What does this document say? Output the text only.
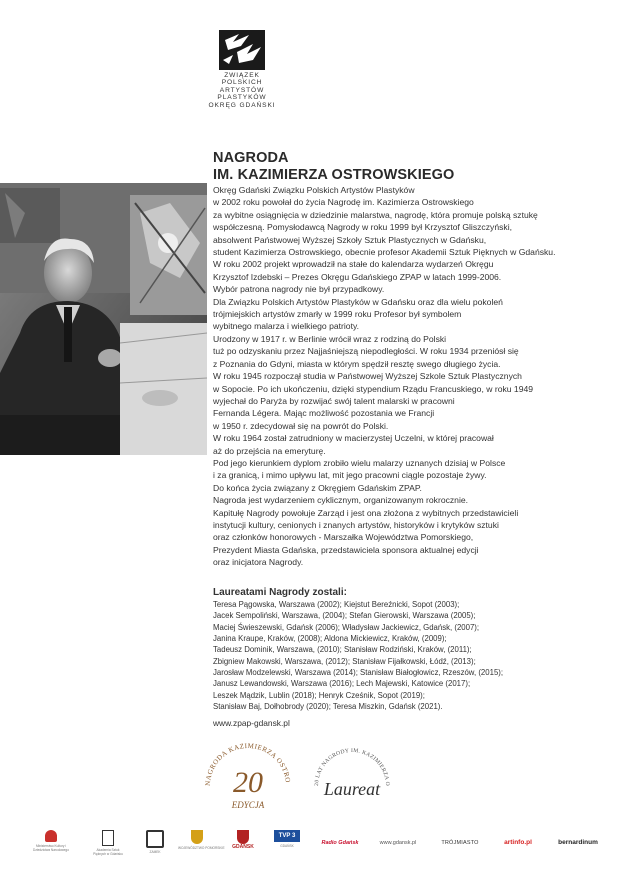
ZWIĄZEK
POLSKICH
ARTYSTÓW
PLASTYKÓW
OKRĘG GDAŃSKI
NAGRODA
IM. KAZIMIERZA OSTROWSKIEGO
Okręg Gdański Związku Polskich Artystów Plastyków
w 2002 roku powołał do życia Nagrodę im. Kazimierza Ostrowskiego
za wybitne osiągnięcia w dziedzinie malarstwa, nagrodę, która promuje polską sztukę
współczesną. Pomysłodawcą Nagrody w roku 1999 był Krzysztof Gliszczyński,
absolwent Państwowej Wyższej Szkoły Sztuk Plastycznych w Gdańsku,
student Kazimierza Ostrowskiego, obecnie profesor Akademii Sztuk Pięknych w Gdańsku.
W roku 2002 projekt wprowadził na stałe do kalendarza wydarzeń Okręgu
Krzysztof Izdebski – Prezes Okręgu Gdańskiego ZPAP w latach 1999-2006.
Wybór patrona nagrody nie był przypadkowy.
Dla Związku Polskich Artystów Plastyków w Gdańsku oraz dla wielu pokoleń
trójmiejskich artystów zmarły w 1999 roku Profesor był symbolem
wybitnego malarza i wielkiego patrioty.
Urodzony w 1917 r. w Berlinie wrócił wraz z rodziną do Polski
tuż po odzyskaniu przez Najjaśniejszą niepodległości. W roku 1934 przeniósł się
z Poznania do Gdyni, miasta w którym spędził resztę swego długiego życia.
W roku 1945 rozpoczął studia w Państwowej Wyższej Szkole Sztuk Plastycznych
w Sopocie. Po ich ukończeniu, dzięki stypendium Rządu Francuskiego, w roku 1949
wyjechał do Paryża by rozwijać swój talent malarski w pracowni
Fernanda Légera. Mając możliwość pozostania we Francji
w 1950 r. zdecydował się na powrót do Polski.
W roku 1964 został zatrudniony w macierzystej Uczelni, w której pracował
aż do przejścia na emeryturę.
Pod jego kierunkiem dyplom zrobiło wielu malarzy uznanych dzisiaj w Polsce
i za granicą, i mimo upływu lat, mit jego pracowni ciągle pozostaje żywy.
Do końca życia związany z Okręgiem Gdańskim ZPAP.
Nagroda jest wydarzeniem cyklicznym, organizowanym rokrocznie.
Kapitułę Nagrody powołuje Zarząd i jest ona złożona z wybitnych przedstawicieli
instytucji kultury, cenionych i znanych artystów, historyków i krytyków sztuki
oraz członków honorowych - Marszałka Województwa Pomorskiego,
Prezydent Miasta Gdańska, przedstawiciela sponsora aktualnej edycji
oraz inicjatora Nagrody.
Laureatami Nagrody zostali:
Teresa Pągowska, Warszawa (2002); Kiejstut Bereźnicki, Sopot (2003);
Jacek Sempoliński, Warszawa, (2004); Stefan Gierowski, Warszawa (2005);
Maciej Świeszewski, Gdańsk (2006); Władysław Jackiewicz, Gdańsk, (2007);
Janina Kraupe, Kraków, (2008); Aldona Mickiewicz, Kraków, (2009);
Tadeusz Dominik, Warszawa, (2010); Stanisław Rodziński, Kraków, (2011);
Zbigniew Makowski, Warszawa, (2012); Stanisław Fijałkowski, Łódź, (2013);
Jarosław Modzelewski, Warszawa (2014); Stanisław Białogłowicz, Rzeszów, (2015);
Janusz Lewandowski, Warszawa (2016); Lech Majewski, Katowice (2017);
Leszek Mądzik, Lublin (2018); Henryk Cześnik, Sopot (2019);
Stanisław Baj, Dołhobrody (2020); Teresa Miszkin, Gdańsk (2021).
www.zpap-gdansk.pl
NAGRODA KAZIMIERZA OSTRO
20
EDYCJA
20 LAT NAGRODY IM. KAZIMIERZA O
Laureat
Ministerstwo Kultury i Dziedzictwa Narodowego	Akademia Sztuk Pięknych w Gdańsku	ZAMEK
WOJEWÓDZTWO POMORSKIE	GDAŃSK
TVP 3
GDAŃSK	Radio Gdańsk	www.gdansk.pl	TRÓJMIASTO	artinfo.pl	bernardinum
